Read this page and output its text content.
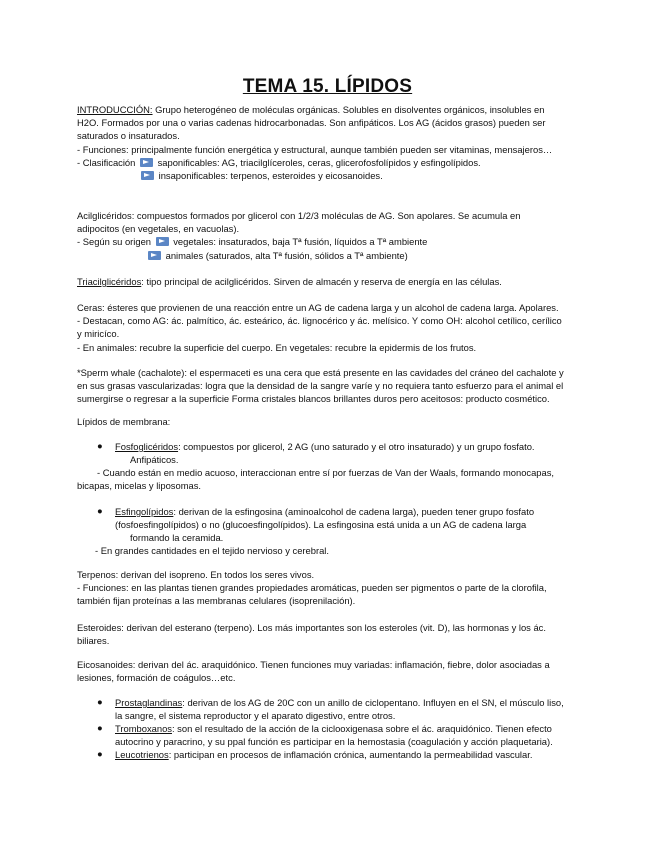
TEMA 15. LÍPIDOS
INTRODUCCIÓN: Grupo heterogéneo de moléculas orgánicas. Solubles en disolventes orgánicos, insolubles en
H2O. Formados por una o varias cadenas hidrocarbonadas. Son anfipáticos. Los AG (ácidos grasos) pueden ser
saturados o insaturados.
- Funciones: principalmente función energética y estructural, aunque también pueden ser vitaminas, mensajeros…
- Clasificación saponificables: AG, triacilglíceroles, ceras, glicerofosfolípidos y esfingolípidos.
insaponificables: terpenos, esteroides y eicosanoides.
Acilglicéridos: compuestos formados por glicerol con 1/2/3 moléculas de AG. Son apolares. Se acumula en
adipocitos (en vegetales, en vacuolas).
- Según su origen vegetales: insaturados, baja Tª fusión, líquidos a Tª ambiente
animales (saturados, alta Tª fusión, sólidos a Tª ambiente)
Triacilglicéridos: tipo principal de acilglicéridos. Sirven de almacén y reserva de energía en las células.
Ceras: ésteres que provienen de una reacción entre un AG de cadena larga y un alcohol de cadena larga. Apolares.
- Destacan, como AG: ác. palmítico, ác. esteárico, ác. lignocérico y ác. melísico. Y como OH: alcohol cetílico, cerílico
y miricíco.
- En animales: recubre la superficie del cuerpo. En vegetales: recubre la epidermis de los frutos.
*Sperm whale (cachalote): el espermaceti es una cera que está presente en las cavidades del cráneo del cachalote y
en sus grasas vascularizadas: logra que la densidad de la sangre varíe y no requiera tanto esfuerzo para el animal el
sumergirse o regresar a la superficie Forma cristales blancos brillantes duros pero aceitosos: producto cosmético.
Lípidos de membrana:
● Fosfoglicéridos: compuestos por glicerol, 2 AG (uno saturado y el otro insaturado) y un grupo fosfato.
Anfipáticos.
- Cuando están en medio acuoso, interaccionan entre sí por fuerzas de Van der Waals, formando monocapas,
bicapas, micelas y liposomas.
● Esfingolípidos: derivan de la esfingosina (aminoalcohol de cadena larga), pueden tener grupo fosfato
(fosfoesfingolípidos) o no (glucoesfingolípidos). La esfingosina está unida a un AG de cadena larga
formando la ceramida.
- En grandes cantidades en el tejido nervioso y cerebral.
Terpenos: derivan del isopreno. En todos los seres vivos.
- Funciones: en las plantas tienen grandes propiedades aromáticas, pueden ser pigmentos o parte de la clorofila,
también fijan proteínas a las membranas celulares (isoprenilación).
Esteroides: derivan del esterano (terpeno). Los más importantes son los esteroles (vit. D), las hormonas y los ác.
biliares.
Eicosanoides: derivan del ác. araquidónico. Tienen funciones muy variadas: inflamación, fiebre, dolor asociadas a
lesiones, formación de coágulos…etc.
● Prostaglandinas: derivan de los AG de 20C con un anillo de ciclopentano. Influyen en el SN, el músculo liso,
la sangre, el sistema reproductor y el aparato digestivo, entre otros.
● Tromboxanos: son el resultado de la acción de la ciclooxigenasa sobre el ác. araquidónico. Tienen efecto
autocrino y paracrino, y su ppal función es participar en la hemostasia (coagulación y acción plaquetaria).
● Leucotrienos: participan en procesos de inflamación crónica, aumentando la permeabilidad vascular.
